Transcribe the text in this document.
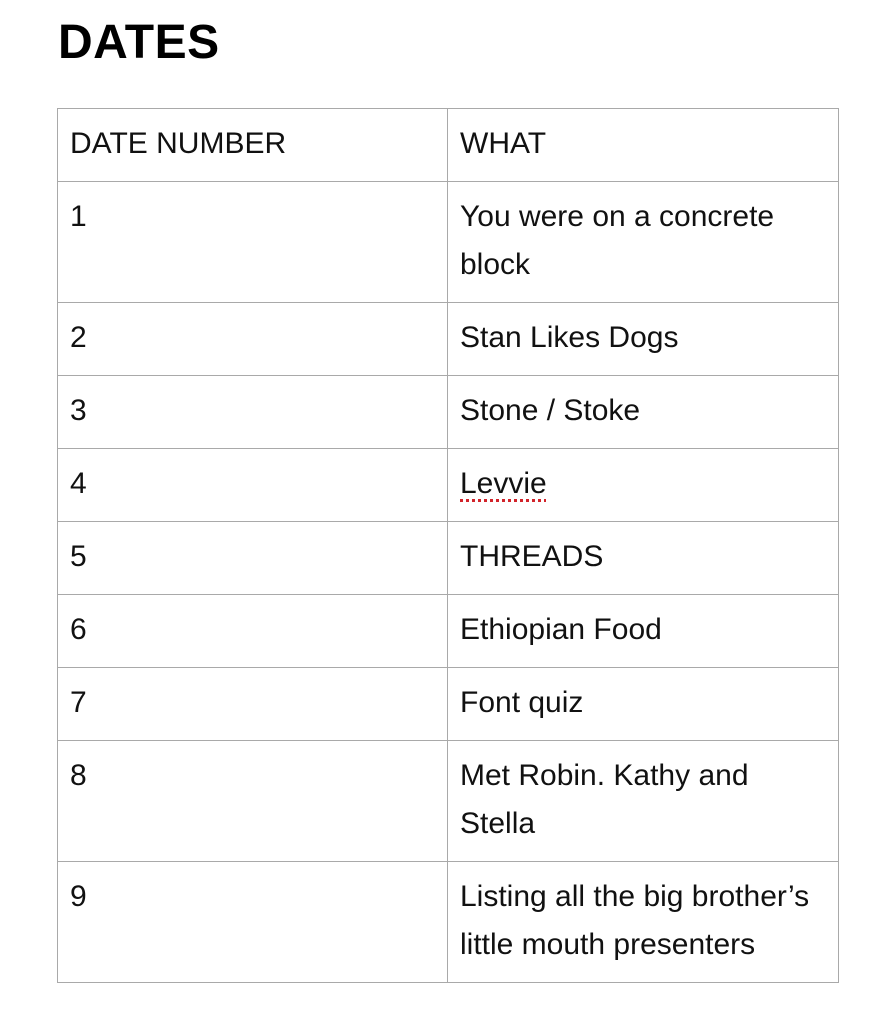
DATES
DATE NUMBER	WHAT
1	You were on a concrete block
2	Stan Likes Dogs
3	Stone / Stoke
4	Levvie
5	THREADS
6	Ethiopian Food
7	Font quiz
8	Met Robin. Kathy and Stella
9	Listing all the big brother’s little mouth presenters
